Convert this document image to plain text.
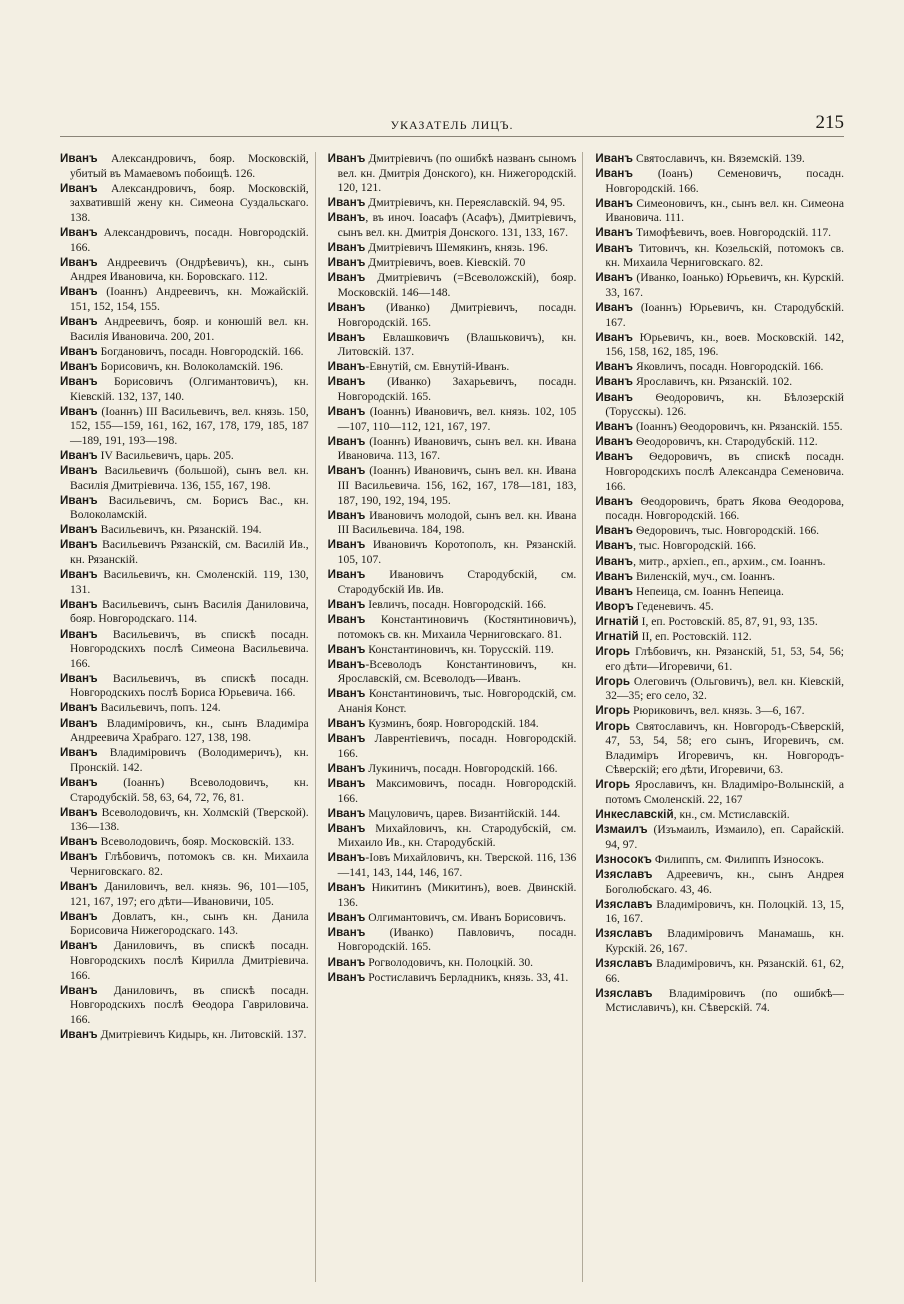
УКАЗАТЕЛЬ ЛИЦЪ.	215

Иванъ Александровичъ, бояр. Московскій, убитый въ Мамаевомъ побоищѣ. 126.

Иванъ Александровичъ, бояр. Московскій, захватившій жену кн. Симеона Суздальскаго. 138.

Иванъ Александровичъ, посадн. Новгородскій. 166.

Иванъ Андреевичъ (Ондрѣевичъ), кн., сынъ Андрея Ивановича, кн. Боровскаго. 112.

Иванъ (Іоаннъ) Андреевичъ, кн. Можайскій. 151, 152, 154, 155.

Иванъ Андреевичъ, бояр. и конюшій вел. кн. Василія Ивановича. 200, 201.

Иванъ Богдановичъ, посадн. Новгородскій. 166.

Иванъ Борисовичъ, кн. Волоколамскій. 196.

Иванъ Борисовичъ (Олгимантовичъ), кн. Кіевскій. 132, 137, 140.

Иванъ (Іоаннъ) III Васильевичъ, вел. князь. 150, 152, 155—159, 161, 162, 167, 178, 179, 185, 187—189, 191, 193—198.

Иванъ IV Васильевичъ, царь. 205.

Иванъ Васильевичъ (большой), сынъ вел. кн. Василія Дмитріевича. 136, 155, 167, 198.

Иванъ Васильевичъ, см. Борисъ Вас., кн. Волоколамскій.

Иванъ Васильевичъ, кн. Рязанскій. 194.

Иванъ Васильевичъ Рязанскій, см. Василій Ив., кн. Рязанскій.

Иванъ Васильевичъ, кн. Смоленскій. 119, 130, 131.

Иванъ Васильевичъ, сынъ Василія Даниловича, бояр. Новгородскаго. 114.

Иванъ Васильевичъ, въ спискѣ посадн. Новгородскихъ послѣ Симеона Васильевича. 166.

Иванъ Васильевичъ, въ спискѣ посадн. Новгородскихъ послѣ Бориса Юрьевича. 166.

Иванъ Васильевичъ, попъ. 124.

Иванъ Владиміровичъ, кн., сынъ Владиміра Андреевича Храбраго. 127, 138, 198.

Иванъ Владиміровичъ (Володимеричъ), кн. Пронскій. 142.

Иванъ (Іоаннъ) Всеволодовичъ, кн. Стародубскій. 58, 63, 64, 72, 76, 81.

Иванъ Всеволодовичъ, кн. Холмскій (Тверской). 136—138.

Иванъ Всеволодовичъ, бояр. Московскій. 133.

Иванъ Глѣбовичъ, потомокъ св. кн. Михаила Черниговскаго. 82.

Иванъ Даниловичъ, вел. князь. 96, 101—105, 121, 167, 197; его дѣти—Ивановичи, 105.

Иванъ Довлатъ, кн., сынъ кн. Данила Борисовича Нижегородскаго. 143.

Иванъ Даниловичъ, въ спискѣ посадн. Новгородскихъ послѣ Кирилла Дмитріевича. 166.

Иванъ Даниловичъ, въ спискѣ посадн. Новгородскихъ послѣ Ѳеодора Гавриловича. 166.

Иванъ Дмитріевичъ Кидырь, кн. Литовскій. 137.

Иванъ Дмитріевичъ (по ошибкѣ названъ сыномъ вел. кн. Дмитрія Донского), кн. Нижегородскій. 120, 121.

Иванъ Дмитріевичъ, кн. Переяславскій. 94, 95.

Иванъ, въ иноч. Іоасафъ (Асафъ), Дмитріевичъ, сынъ вел. кн. Дмитрія Донского. 131, 133, 167.

Иванъ Дмитріевичъ Шемякинъ, князь. 196.

Иванъ Дмитріевичъ, воев. Кіевскій. 70

Иванъ Дмитріевичъ (=Всеволожскій), бояр. Московскій. 146—148.

Иванъ (Иванко) Дмитріевичъ, посадн. Новгородскій. 165.

Иванъ Евлашковичъ (Влашьковичъ), кн. Литовскій. 137.

Иванъ-Евнутій, см. Евнутій-Иванъ.

Иванъ (Иванко) Захарьевичъ, посадн. Новгородскій. 165.

Иванъ (Іоаннъ) Ивановичъ, вел. князь. 102, 105—107, 110—112, 121, 167, 197.

Иванъ (Іоаннъ) Ивановичъ, сынъ вел. кн. Ивана Ивановича. 113, 167.

Иванъ (Іоаннъ) Ивановичъ, сынъ вел. кн. Ивана III Васильевича. 156, 162, 167, 178—181, 183, 187, 190, 192, 194, 195.

Иванъ Ивановичъ молодой, сынъ вел. кн. Ивана III Васильевича. 184, 198.

Иванъ Ивановичъ Коротополъ, кн. Рязанскій. 105, 107.

Иванъ Ивановичъ Стародубскій, см. Стародубскій Ив. Ив.

Иванъ Іевличъ, посадн. Новгородскій. 166.

Иванъ Константиновичъ (Костянтиновичъ), потомокъ св. кн. Михаила Черниговскаго. 81.

Иванъ Константиновичъ, кн. Торусскій. 119.

Иванъ-Всеволодъ Константиновичъ, кн. Ярославскій, см. Всеволодъ—Иванъ.

Иванъ Константиновичъ, тыс. Новгородскій, см. Ананія Конст.

Иванъ Кузминъ, бояр. Новгородскій. 184.

Иванъ Лаврентіевичъ, посадн. Новгородскій. 166.

Иванъ Лукиничъ, посадн. Новгородскій. 166.

Иванъ Максимовичъ, посадн. Новгородскій. 166.

Иванъ Мацуловичъ, царев. Византійскій. 144.

Иванъ Михайловичъ, кн. Стародубскій, см. Михаило Ив., кн. Стародубскій.

Иванъ-Іовъ Михайловичъ, кн. Тверской. 116, 136—141, 143, 144, 146, 167.

Иванъ Никитинъ (Микитинъ), воев. Двинскій. 136.

Иванъ Олгимантовичъ, см. Иванъ Борисовичъ.

Иванъ (Иванко) Павловичъ, посадн. Новгородскій. 165.

Иванъ Рогволодовичъ, кн. Полоцкій. 30.

Иванъ Ростиславичъ Берладникъ, князь. 33, 41.

Иванъ Святославичъ, кн. Вяземскій. 139.

Иванъ (Іоанъ) Семеновичъ, посадн. Новгородскій. 166.

Иванъ Симеоновичъ, кн., сынъ вел. кн. Симеона Ивановича. 111.

Иванъ Тимофѣевичъ, воев. Новгородскій. 117.

Иванъ Титовичъ, кн. Козельскій, потомокъ св. кн. Михаила Черниговскаго. 82.

Иванъ (Иванко, Іоанько) Юрьевичъ, кн. Курскій. 33, 167.

Иванъ (Іоаннъ) Юрьевичъ, кн. Стародубскій. 167.

Иванъ Юрьевичъ, кн., воев. Московскій. 142, 156, 158, 162, 185, 196.

Иванъ Яковличъ, посадн. Новгородскій. 166.

Иванъ Ярославичъ, кн. Рязанскій. 102.

Иванъ Ѳеодоровичъ, кн. Бѣлозерскій (Торусскы). 126.

Иванъ (Іоаннъ) Ѳеодоровичъ, кн. Рязанскій. 155.

Иванъ Ѳеодоровичъ, кн. Стародубскій. 112.

Иванъ Ѳедоровичъ, въ спискѣ посадн. Новгородскихъ послѣ Александра Семеновича. 166.

Иванъ Ѳеодоровичъ, братъ Якова Ѳеодорова, посадн. Новгородскій. 166.

Иванъ Ѳедоровичъ, тыс. Новгородскій. 166.

Иванъ, тыс. Новгородскій. 166.

Иванъ, митр., архіеп., еп., архим., см. Іоаннъ.

Иванъ Виленскій, муч., см. Іоаннъ.

Иванъ Непеица, см. Іоаннъ Непеица.

Иворъ Геденевичъ. 45.

Игнатій I, еп. Ростовскій. 85, 87, 91, 93, 135.

Игнатій II, еп. Ростовскій. 112.

Игорь Глѣбовичъ, кн. Рязанскій, 51, 53, 54, 56; его дѣти—Игоревичи, 61.

Игорь Олеговичъ (Ольговичъ), вел. кн. Кіевскій, 32—35; его село, 32.

Игорь Рюриковичъ, вел. князь. 3—6, 167.

Игорь Святославичъ, кн. Новгородъ-Сѣверскій, 47, 53, 54, 58; его сынъ, Игоревичъ, см. Владиміръ Игоревичъ, кн. Новгородъ-Сѣверскій; его дѣти, Игоревичи, 63.

Игорь Ярославичъ, кн. Владиміро-Волынскій, а потомъ Смоленскій. 22, 167

Инкеславскій, кн., см. Мстиславскій.

Измаилъ (Изъмаилъ, Измаило), еп. Сарайскій. 94, 97.

Износокъ Филиппъ, см. Филиппъ Износокъ.

Изяславъ Адреевичъ, кн., сынъ Андрея Боголюбскаго. 43, 46.

Изяславъ Владиміровичъ, кн. Полоцкій. 13, 15, 16, 167.

Изяславъ Владиміровичъ Манамашь, кн. Курскій. 26, 167.

Изяславъ Владиміровичъ, кн. Рязанскій. 61, 62, 66.

Изяславъ Владиміровичъ (по ошибкѣ—Мстиславичъ), кн. Сѣверскій. 74.
